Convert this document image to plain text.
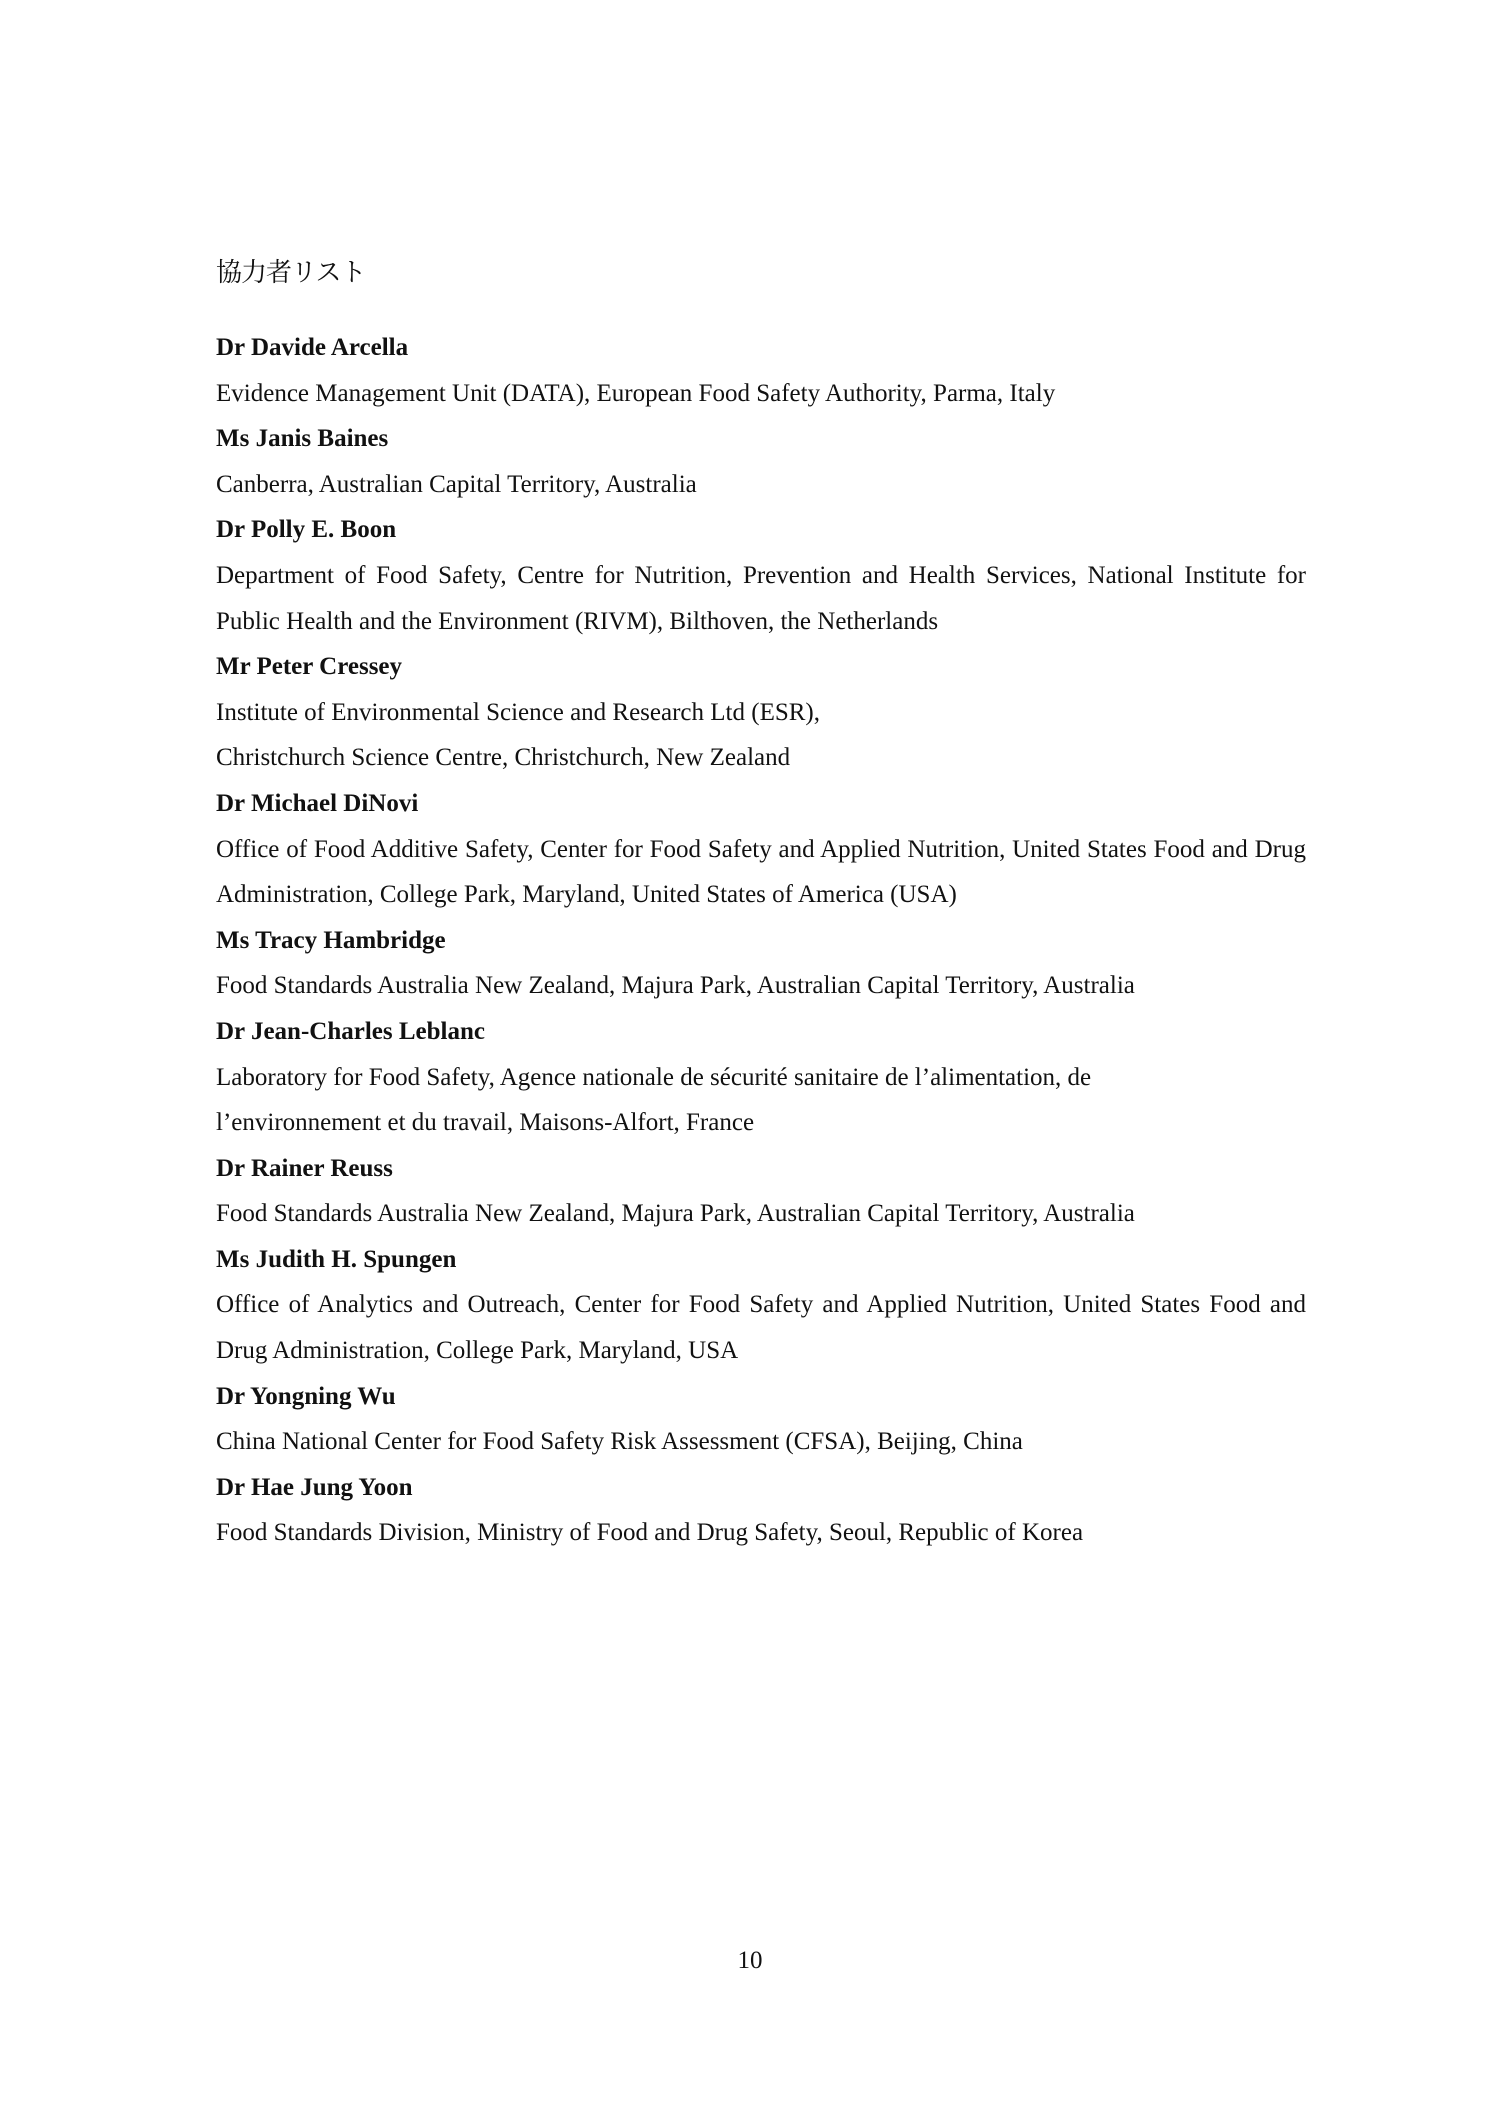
協力者リスト

Dr Davide Arcella

Evidence Management Unit (DATA), European Food Safety Authority, Parma, Italy

Ms Janis Baines

Canberra, Australian Capital Territory, Australia

Dr Polly E. Boon

Department of Food Safety, Centre for Nutrition, Prevention and Health Services, National Institute for Public Health and the Environment (RIVM), Bilthoven, the Netherlands

Mr Peter Cressey

Institute of Environmental Science and Research Ltd (ESR),

Christchurch Science Centre, Christchurch, New Zealand

Dr Michael DiNovi

Office of Food Additive Safety, Center for Food Safety and Applied Nutrition, United States Food and Drug Administration, College Park, Maryland, United States of America (USA)

Ms Tracy Hambridge

Food Standards Australia New Zealand, Majura Park, Australian Capital Territory, Australia

Dr Jean-Charles Leblanc

Laboratory for Food Safety, Agence nationale de sécurité sanitaire de l’alimentation, de

l’environnement et du travail, Maisons-Alfort, France

Dr Rainer Reuss

Food Standards Australia New Zealand, Majura Park, Australian Capital Territory, Australia

Ms Judith H. Spungen

Office of Analytics and Outreach, Center for Food Safety and Applied Nutrition, United States Food and Drug Administration, College Park, Maryland, USA

Dr Yongning Wu

China National Center for Food Safety Risk Assessment (CFSA), Beijing, China

Dr Hae Jung Yoon

Food Standards Division, Ministry of Food and Drug Safety, Seoul, Republic of Korea

10
